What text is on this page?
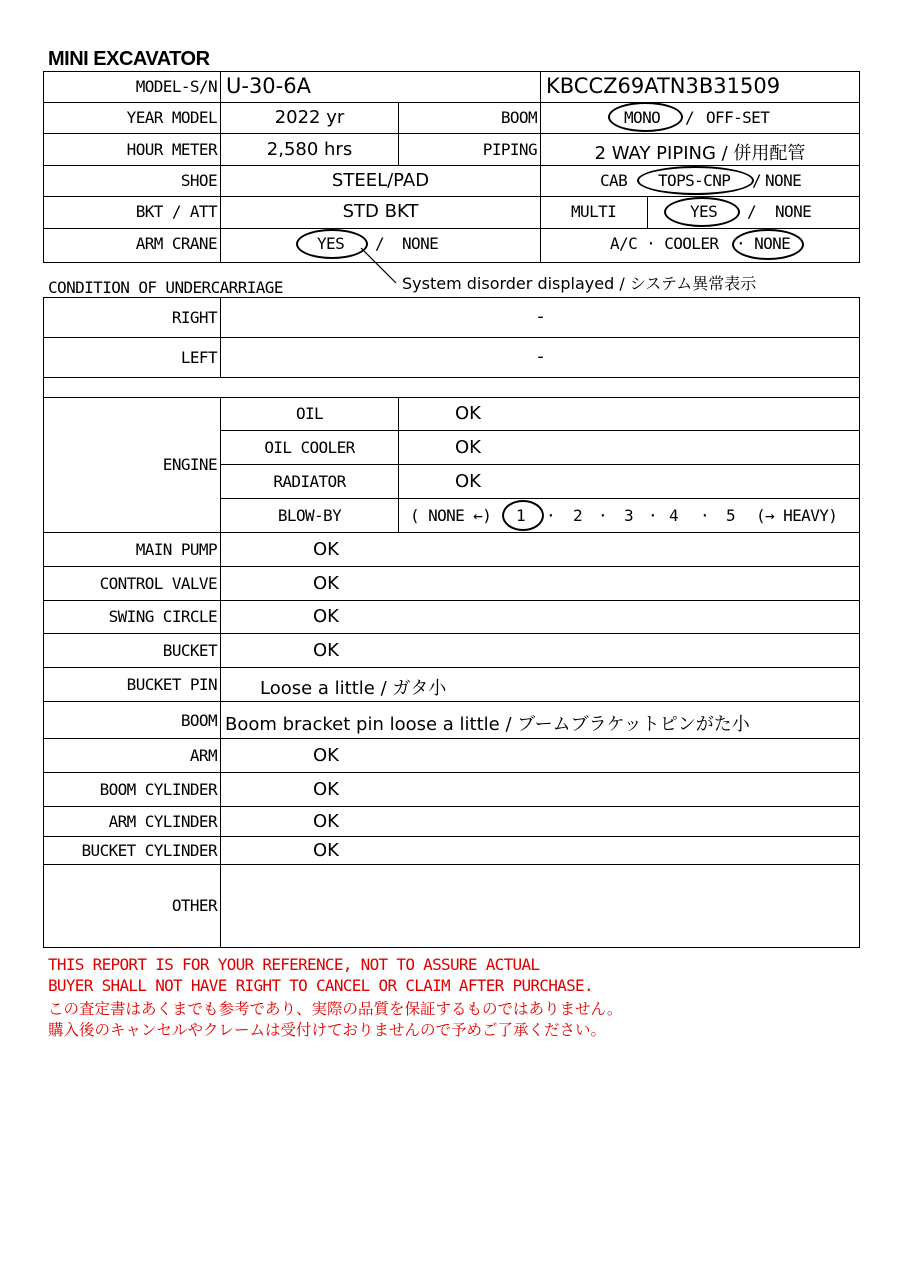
MINI EXCAVATOR
MODEL-S/N U-30-6A	KBCCZ69ATN3B31509
YEAR MODEL	2022 yr	BOOM	MONO / OFF-SET
HOUR METER	2,580 hrs	PIPING	2 WAY PIPING / 併用配管
SHOE	STEEL/PAD	CAB TOPS-CNP / NONE
BKT / ATT	STD BKT	MULTI	YES / NONE
ARM CRANE	YES / NONE	A/C · COOLER · NONE
System disorder displayed / システム異常表示
CONDITION OF UNDERCARRIAGE
RIGHT	-
LEFT	-
ENGINE
OIL	OK
OIL COOLER	OK
RADIATOR	OK
BLOW-BY	( NONE ←) 1 · 2 · 3 · 4 · 5 (→ HEAVY)
MAIN PUMP	OK
CONTROL VALVE	OK
SWING CIRCLE	OK
BUCKET	OK
BUCKET PIN Loose a little / ガタ小
BOOM Boom bracket pin loose a little / ブームブラケットピンがた小
ARM	OK
BOOM CYLINDER	OK
ARM CYLINDER	OK
BUCKET CYLINDER	OK
OTHER
THIS REPORT IS FOR YOUR REFERENCE, NOT TO ASSURE ACTUAL
BUYER SHALL NOT HAVE RIGHT TO CANCEL OR CLAIM AFTER PURCHASE.
この査定書はあくまでも参考であり、実際の品質を保証するものではありません。
購入後のキャンセルやクレームは受付けておりませんので予めご了承ください。
